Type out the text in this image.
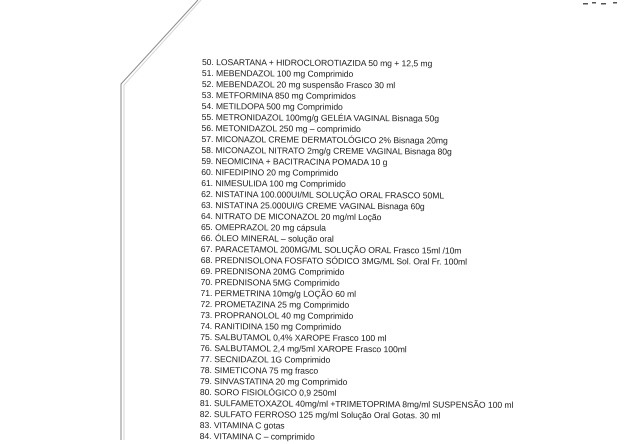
50. LOSARTANA + HIDROCLOROTIAZIDA 50 mg + 12,5 mg
51. MEBENDAZOL 100 mg Comprimido
52. MEBENDAZOL 20 mg suspensão Frasco 30 ml
53. METFORMINA 850 mg Comprimidos
54. METILDOPA 500 mg Comprimido
55. METRONIDAZOL 100mg/g GELÉIA VAGINAL Bisnaga 50g
56. METONIDAZOL 250 mg – comprimido
57. MICONAZOL CREME DERMATOLÓGICO 2% Bisnaga 20mg
58. MICONAZOL NITRATO 2mg/g CREME VAGINAL Bisnaga 80g
59. NEOMICINA + BACITRACINA POMADA 10 g
60. NIFEDIPINO 20 mg Comprimido
61. NIMESULIDA 100 mg Comprimido
62. NISTATINA 100.000UI/ML SOLUÇÃO ORAL FRASCO 50ML
63. NISTATINA 25.000UI/G CREME VAGINAL Bisnaga 60g
64. NITRATO DE MICONAZOL 20 mg/ml Loção
65. OMEPRAZOL 20 mg cápsula
66. ÓLEO MINERAL – solução oral
67. PARACETAMOL 200MG/ML SOLUÇÃO ORAL Frasco 15ml /10m
68. PREDNISOLONA FOSFATO SÓDICO 3MG/ML Sol. Oral Fr. 100ml
69. PREDNISONA 20MG Comprimido
70. PREDNISONA 5MG Comprimido
71. PERMETRINA 10mg/g LOÇÃO 60 ml
72. PROMETAZINA 25 mg Comprimido
73. PROPRANOLOL 40 mg Comprimido
74. RANITIDINA 150 mg Comprimido
75. SALBUTAMOL 0,4% XAROPE Frasco 100 ml
76. SALBUTAMOL 2,4 mg/5ml XAROPE Frasco 100ml
77. SECNIDAZOL 1G Comprimido
78. SIMETICONA 75 mg frasco
79. SINVASTATINA 20 mg Comprimido
80. SORO FISIOLÓGICO 0,9 250ml
81. SULFAMETOXAZOL 40mg/ml +TRIMETOPRIMA 8mg/ml SUSPENSÃO 100 ml
82. SULFATO FERROSO 125 mg/ml Solução Oral Gotas. 30 ml
83. VITAMINA C gotas
84. VITAMINA C – comprimido
